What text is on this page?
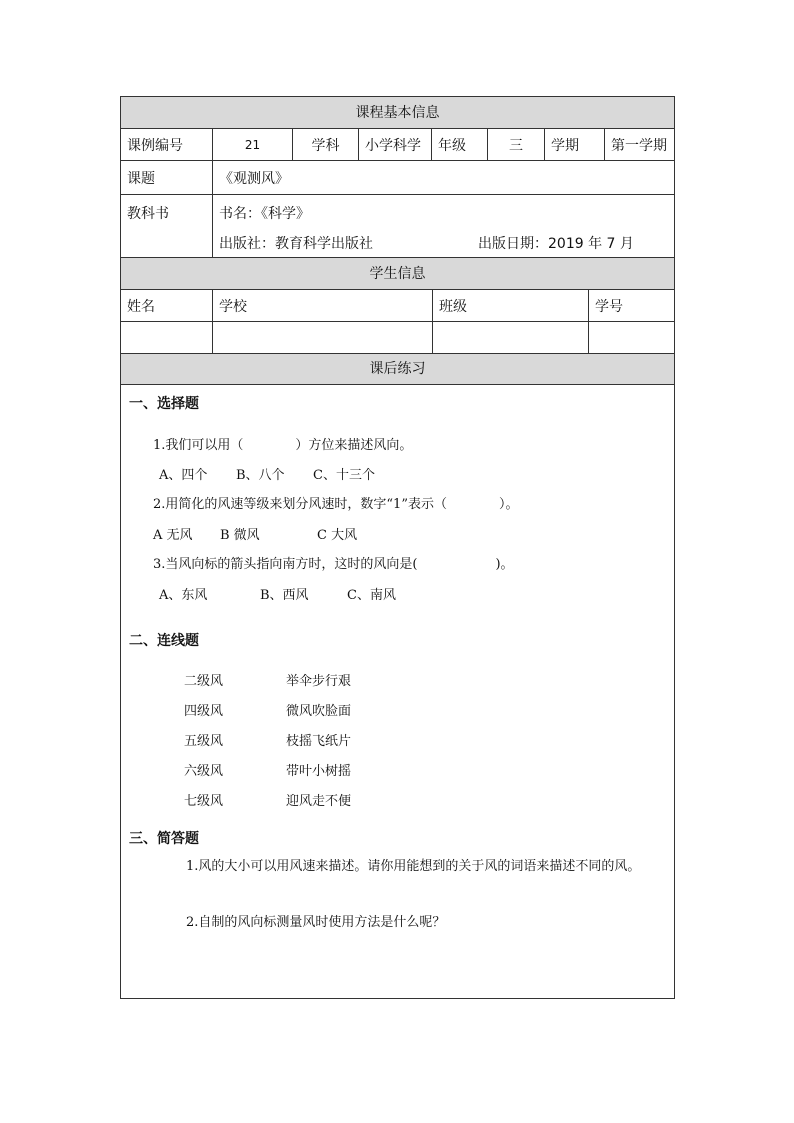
课程基本信息
课例编号	21	学科	小学科学	年级	三	学期	第一学期
课题	《观测风》
教科书	书名：《科学》
出版社：教育科学出版社	出版日期：2019 年 7 月
学生信息
姓名	学校	班级	学号
课后练习
一、选择题
1.我们可以用（　　　　）方位来描述风向。
A、四个 B、八个 C、十三个
2.用简化的风速等级来划分风速时，数字“1”表示（　　　　）。
A 无风 B 微风	C 大风
3.当风向标的箭头指向南方时，这时的风向是(　　　　　　)。
A、东风	B、西风	C、南风
二、连线题
二级风	举伞步行艰
四级风	微风吹脸面
五级风	枝摇飞纸片
六级风	带叶小树摇
七级风	迎风走不便
三、简答题
1.风的大小可以用风速来描述。请你用能想到的关于风的词语来描述不同的风。
2.自制的风向标测量风时使用方法是什么呢？
